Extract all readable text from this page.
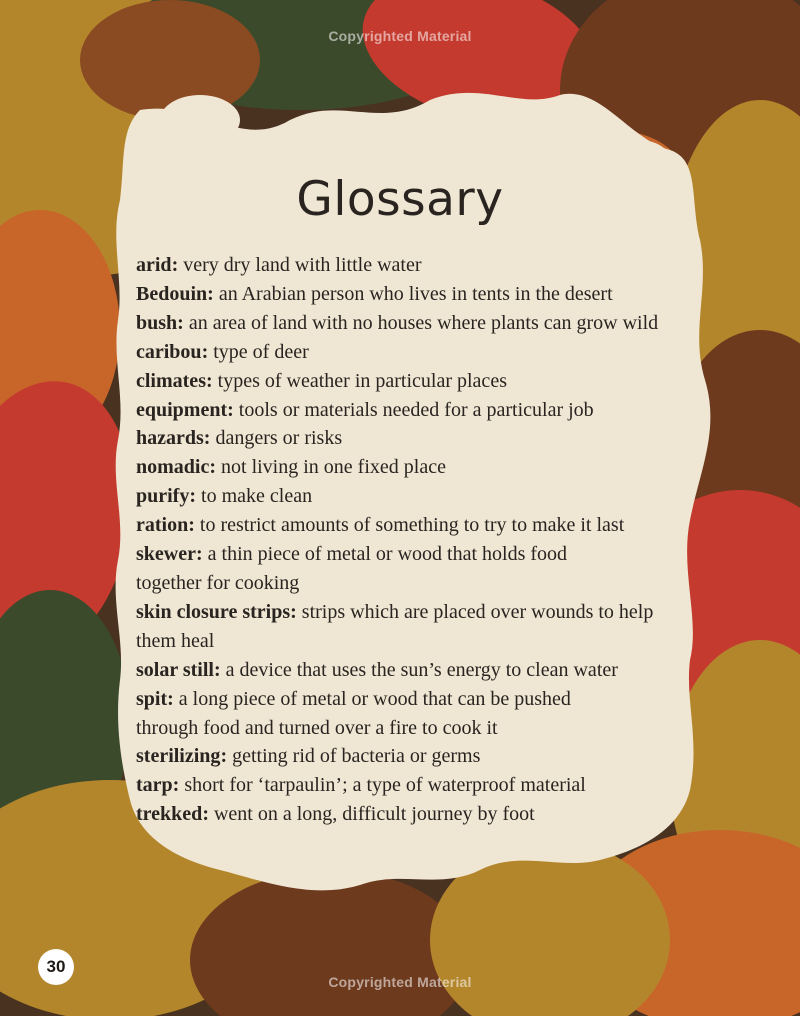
Copyrighted Material
Glossary

arid: very dry land with little water

Bedouin: an Arabian person who lives in tents in the desert

bush: an area of land with no houses where plants can grow wild

caribou: type of deer

climates: types of weather in particular places

equipment: tools or materials needed for a particular job

hazards: dangers or risks

nomadic: not living in one fixed place

purify: to make clean

ration: to restrict amounts of something to try to make it last

skewer: a thin piece of metal or wood that holds food together for cooking

skin closure strips: strips which are placed over wounds to help them heal

solar still: a device that uses the sun’s energy to clean water

spit: a long piece of metal or wood that can be pushed through food and turned over a fire to cook it

sterilizing: getting rid of bacteria or germs

tarp: short for ‘tarpaulin’; a type of waterproof material

trekked: went on a long, difficult journey by foot

30
Copyrighted Material
